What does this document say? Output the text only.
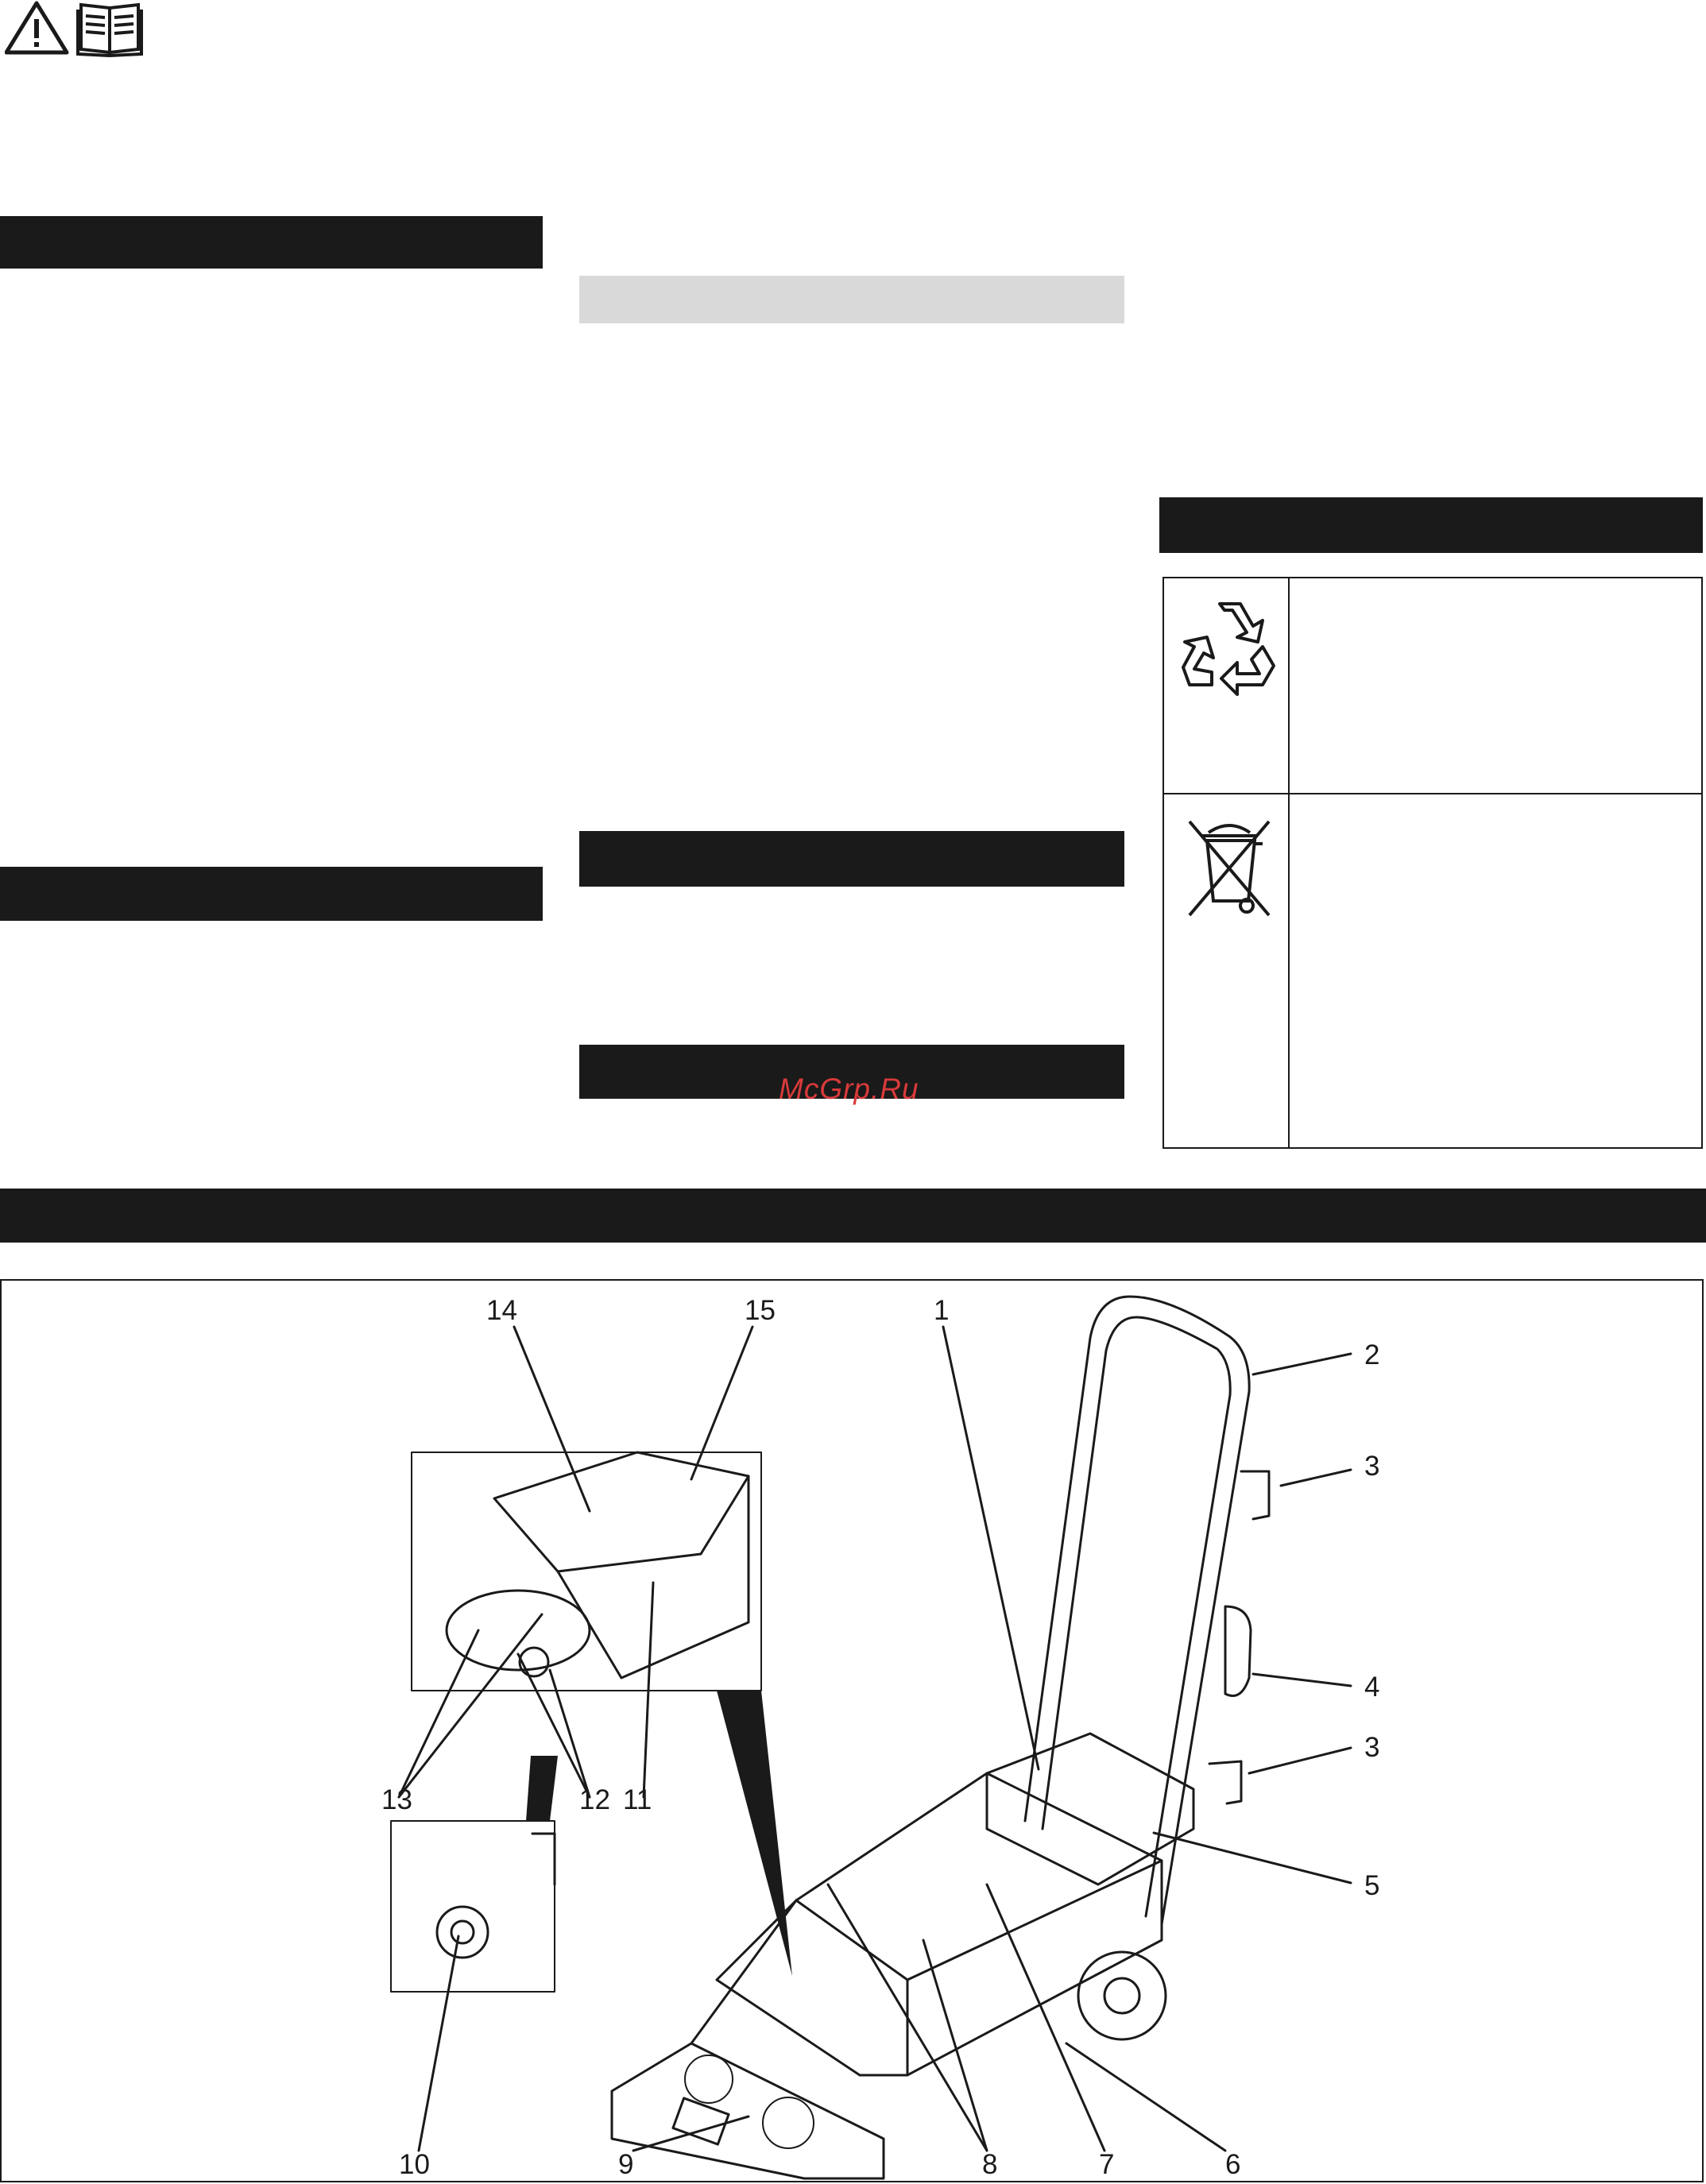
McGrp.Ru
14	15	1
2
3
4
3
5
13	12 11
10	9	8	7	6
